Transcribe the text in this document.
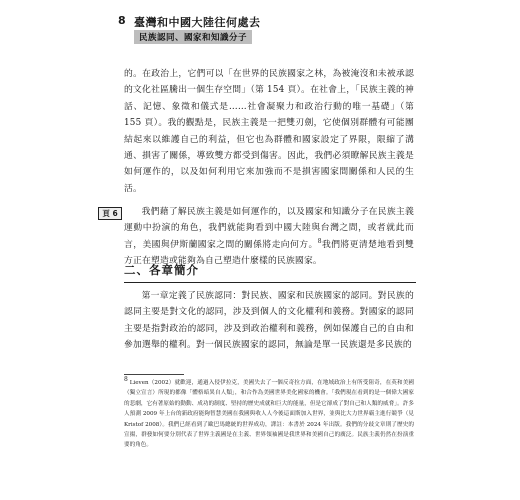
8 臺灣和中國大陸往何處去
民族認同、國家和知識分子
的。在政治上，它們可以「在世界的民族國家之林，為被淹沒和未被承認的文化社區騰出一個生存空間」（第 154 頁）。在社會上，「民族主義的神話、記憶、象徵和儀式是……社會凝聚力和政治行動的唯一基礎」（第 155 頁）。我的觀點是，民族主義是一把雙刃劍，它使個別群體有可能團結起來以維護自己的利益，但它也為群體和國家設定了界限，限縮了溝通、損害了關係，導致雙方都受到傷害。因此，我們必須瞭解民族主義是如何運作的，以及如何利用它來加強而不是損害國家間關係和人民的生活。
頁 6	我們藉了解民族主義是如何運作的，以及國家和知識分子在民族主義運動中扮演的角色，我們就能夠看到中國大陸與台灣之間，或者就此而言，美國與伊斯蘭國家之間的關係將走向何方。$^8$我們將更清楚地看到雙方正在塑造或能夠為自己塑造什麼樣的民族國家。
二、各章簡介
第一章定義了民族認同：對民族、國家和民族國家的認同。對民族的認同主要是對文化的認同，涉及到個人的文化權利和義務。對國家的認同主要是指對政治的認同，涉及到政治權利和義務，例如保護自己的自由和參加選舉的權利。對一個民族國家的認同，無論是單一民族還是多民族的
$^8$ Lieven（2002）就歡迎，通過入侵伊拉克，美國失去了一個反奇拉方面，在地域政治上有所受阻奇，在英和美國（獨立宣言）所現的都像「體格暗異自人類」，和合作為美國世界美化國家的機會。「我們現在看到的是一個偉大國家的悲劇，它有著原始的動動、成功的制度、堅持的歷史成就和巨大的能量，但是它卻成了對自己和人類的威脅」。許多人預測 2009 年上台的新政府能夠智慧美國在我國與收人人今後這面斯加入世界，並與比大力世界霸主進行競爭（見 Kristof 2008）。我們已經看到了歐巴馬總統的世界成功，譯註：本書於 2024 年出版。我們的分歧文章則了歷史的宣揚，群發如何要分別代表了世界主義國是在主義、世界領袖國是我世界和美國自己的廣泛。民族主義仍然在扮演重要的角色。
